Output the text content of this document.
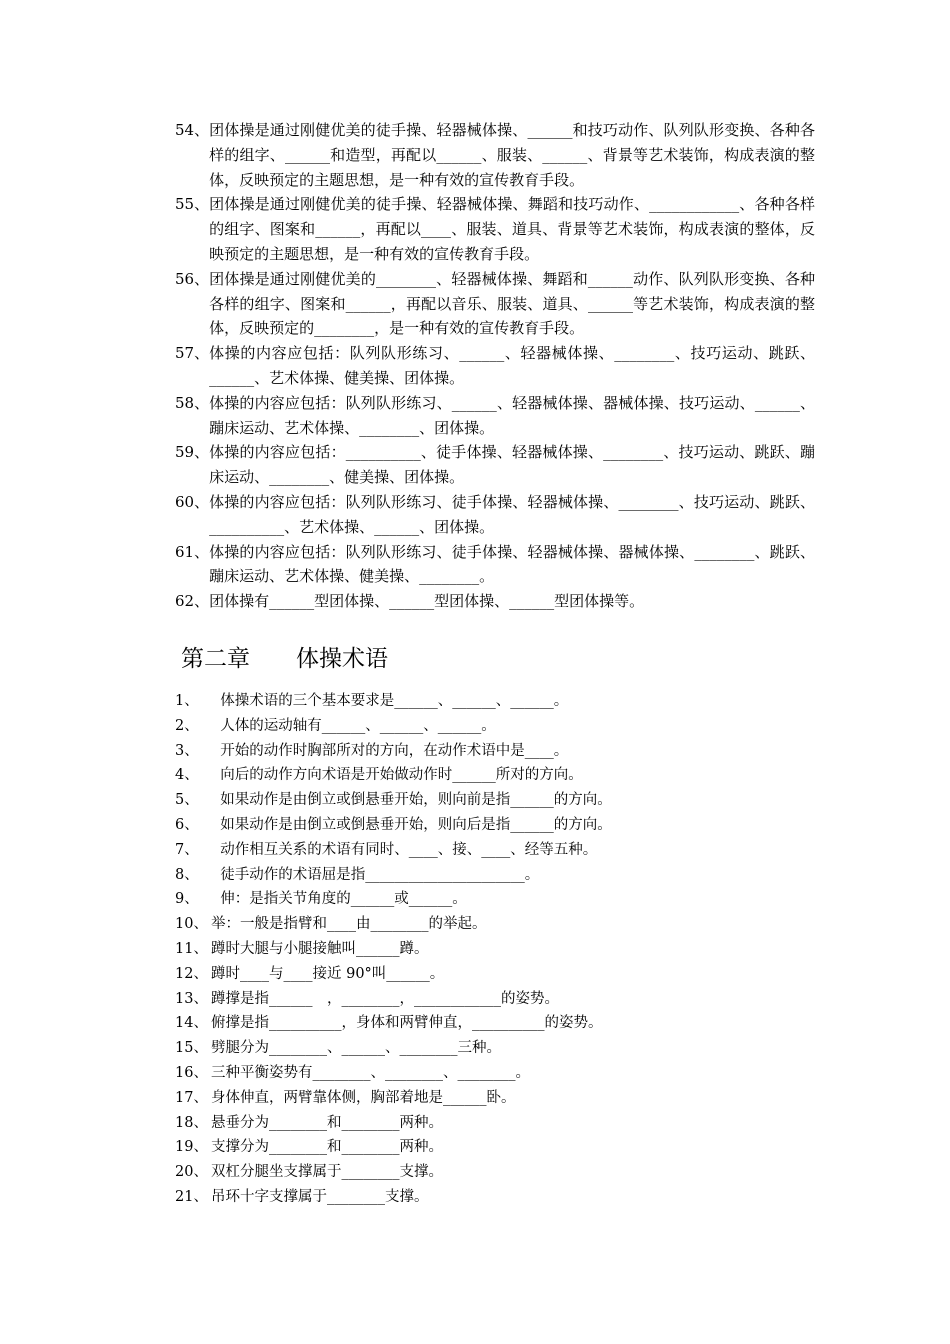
54、 团体操是通过刚健优美的徒手操、轻器械体操、______和技巧动作、队列队形变换、各种各样的组字、______和造型，再配以______、服装、______、背景等艺术装饰，构成表演的整体，反映预定的主题思想，是一种有效的宣传教育手段。
55、 团体操是通过刚健优美的徒手操、轻器械体操、舞蹈和技巧动作、____________、各种各样的组字、图案和______，再配以____、服装、道具、背景等艺术装饰，构成表演的整体，反映预定的主题思想，是一种有效的宣传教育手段。
56、 团体操是通过刚健优美的________、轻器械体操、舞蹈和______动作、队列队形变换、各种各样的组字、图案和______，再配以音乐、服装、道具、______等艺术装饰，构成表演的整体，反映预定的________，是一种有效的宣传教育手段。
57、 体操的内容应包括：队列队形练习、______、轻器械体操、________、技巧运动、跳跃、______、艺术体操、健美操、团体操。
58、 体操的内容应包括：队列队形练习、______、轻器械体操、器械体操、技巧运动、______、蹦床运动、艺术体操、________、团体操。
59、 体操的内容应包括：__________、徒手体操、轻器械体操、________、技巧运动、跳跃、蹦床运动、________、健美操、团体操。
60、 体操的内容应包括：队列队形练习、徒手体操、轻器械体操、________、技巧运动、跳跃、__________、艺术体操、______、团体操。
61、 体操的内容应包括：队列队形练习、徒手体操、轻器械体操、器械体操、________、跳跃、蹦床运动、艺术体操、健美操、________。
62、 团体操有______型团体操、______型团体操、______型团体操等。
第二章　　体操术语
1、 体操术语的三个基本要求是______、______、______。
2、 人体的运动轴有______、______、______。
3、 开始的动作时胸部所对的方向，在动作术语中是____。
4、 向后的动作方向术语是开始做动作时______所对的方向。
5、 如果动作是由倒立或倒悬垂开始，则向前是指______的方向。
6、 如果动作是由倒立或倒悬垂开始，则向后是指______的方向。
7、 动作相互关系的术语有同时、____、接、____、经等五种。
8、 徒手动作的术语屈是指______________________。
9、 伸：是指关节角度的______或______。
10、 举：一般是指臂和____由________的举起。
11、 蹲时大腿与小腿接触叫______蹲。
12、 蹲时____与____接近 90°叫______。
13、 蹲撑是指______　，________，____________的姿势。
14、 俯撑是指__________，身体和两臂伸直，__________的姿势。
15、 劈腿分为________、______、________三种。
16、 三种平衡姿势有________、________、________。
17、 身体伸直，两臂靠体侧，胸部着地是______卧。
18、 悬垂分为________和________两种。
19、 支撑分为________和________两种。
20、 双杠分腿坐支撑属于________支撑。
21、 吊环十字支撑属于________支撑。
